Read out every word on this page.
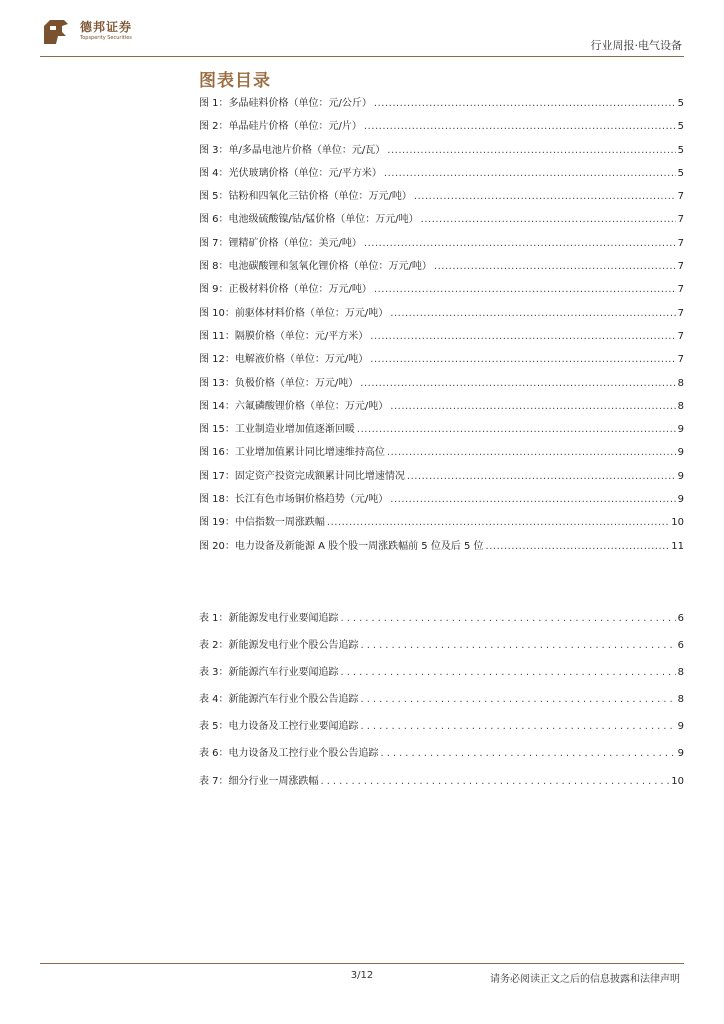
德邦证券
Topsperity Securities
行业周报·电气设备
图表目录
图 1：多晶硅料价格（单位：元/公斤） .....	5
图 2：单晶硅片价格（单位：元/片） .....	5
图 3：单/多晶电池片价格（单位：元/瓦） .....	5
图 4：光伏玻璃价格（单位：元/平方米） .....	5
图 5：钴粉和四氧化三钴价格（单位：万元/吨） .....	7
图 6：电池级硫酸镍/钴/锰价格（单位：万元/吨） .....	7
图 7：锂精矿价格（单位：美元/吨） .....	7
图 8：电池碳酸锂和氢氧化锂价格（单位：万元/吨） .....	7
图 9：正极材料价格（单位：万元/吨） .....	7
图 10：前驱体材料价格（单位：万元/吨） .....	7
图 11：隔膜价格（单位：元/平方米） .....	7
图 12：电解液价格（单位：万元/吨） .....	7
图 13：负极价格（单位：万元/吨） .....	8
图 14：六氟磷酸锂价格（单位：万元/吨） .....	8
图 15：工业制造业增加值逐渐回暖 .....	9
图 16：工业增加值累计同比增速维持高位 .....	9
图 17：固定资产投资完成额累计同比增速情况 .....	9
图 18：长江有色市场铜价格趋势（元/吨） .....	9
图 19：中信指数一周涨跌幅 .....	10
图 20：电力设备及新能源 A 股个股一周涨跌幅前 5 位及后 5 位 .....	11
表 1：新能源发电行业要闻追踪 .....	6
表 2：新能源发电行业个股公告追踪 .....	6
表 3：新能源汽车行业要闻追踪 .....	8
表 4：新能源汽车行业个股公告追踪 .....	8
表 5：电力设备及工控行业要闻追踪 .....	9
表 6：电力设备及工控行业个股公告追踪 .....	9
表 7：细分行业一周涨跌幅 .....	10
3/12	请务必阅读正文之后的信息披露和法律声明
